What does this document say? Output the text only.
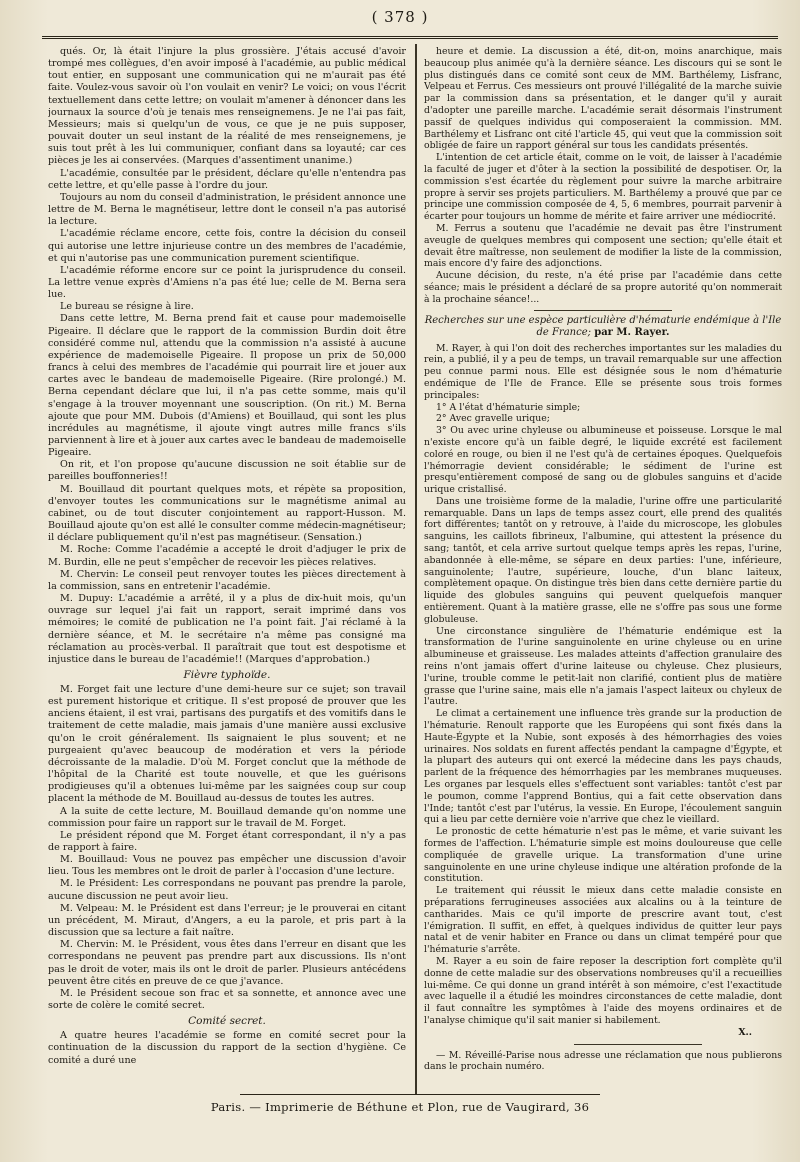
( 378 )

qués. Or, là était l'injure la plus grossière. J'étais accusé d'avoir trompé mes collègues, d'en avoir imposé à l'académie, au public médical tout entier, en supposant une communication qui ne m'aurait pas été faite. Voulez-vous savoir où l'on voulait en venir? Le voici; on vous l'écrit textuellement dans cette lettre; on voulait m'amener à dénoncer dans les journaux la source d'où je tenais mes renseignemens. Je ne l'ai pas fait, Messieurs; mais si quelqu'un de vous, ce que je ne puis supposer, pouvait douter un seul instant de la réalité de mes renseignemens, je suis tout prêt à les lui communiquer, confiant dans sa loyauté; car ces pièces je les ai conservées. (Marques d'assentiment unanime.)

L'académie, consultée par le président, déclare qu'elle n'entendra pas cette lettre, et qu'elle passe à l'ordre du jour.

Toujours au nom du conseil d'administration, le président annonce une lettre de M. Berna le magnétiseur, lettre dont le conseil n'a pas autorisé la lecture.

L'académie réclame encore, cette fois, contre la décision du conseil qui autorise une lettre injurieuse contre un des membres de l'académie, et qui n'autorise pas une communication purement scientifique.

L'académie réforme encore sur ce point la jurisprudence du conseil. La lettre venue exprès d'Amiens n'a pas été lue; celle de M. Berna sera lue.

Le bureau se résigne à lire.

Dans cette lettre, M. Berna prend fait et cause pour mademoiselle Pigeaire. Il déclare que le rapport de la commission Burdin doit être considéré comme nul, attendu que la commission n'a assisté à aucune expérience de mademoiselle Pigeaire. Il propose un prix de 50,000 francs à celui des membres de l'académie qui pourrait lire et jouer aux cartes avec le bandeau de mademoiselle Pigeaire. (Rire prolongé.) M. Berna cependant déclare que lui, il n'a pas cette somme, mais qu'il s'engage à la trouver moyennant une souscription. (On rit.) M. Berna ajoute que pour MM. Dubois (d'Amiens) et Bouillaud, qui sont les plus incrédules au magnétisme, il ajoute vingt autres mille francs s'ils parviennent à lire et à jouer aux cartes avec le bandeau de mademoiselle Pigeaire.

On rit, et l'on propose qu'aucune discussion ne soit établie sur de pareilles bouffonneries!!

M. Bouillaud dit pourtant quelques mots, et répète sa proposition, d'envoyer toutes les communications sur le magnétisme animal au cabinet, ou de tout discuter conjointement au rapport-Husson. M. Bouillaud ajoute qu'on est allé le consulter comme médecin-magnétiseur; il déclare publiquement qu'il n'est pas magnétiseur. (Sensation.)

M. Roche: Comme l'académie a accepté le droit d'adjuger le prix de M. Burdin, elle ne peut s'empêcher de recevoir les pièces relatives.

M. Chervin: Le conseil peut renvoyer toutes les pièces directement à la commission, sans en entretenir l'académie.

M. Dupuy: L'académie a arrêté, il y a plus de dix-huit mois, qu'un ouvrage sur lequel j'ai fait un rapport, serait imprimé dans vos mémoires; le comité de publication ne l'a point fait. J'ai réclamé à la dernière séance, et M. le secrétaire n'a même pas consigné ma réclamation au procès-verbal. Il paraîtrait que tout est despotisme et injustice dans le bureau de l'académie!! (Marques d'approbation.)

Fièvre typhoïde.

M. Forget fait une lecture d'une demi-heure sur ce sujet; son travail est purement historique et critique. Il s'est proposé de prouver que les anciens étaient, il est vrai, partisans des purgatifs et des vomitifs dans le traitement de cette maladie, mais jamais d'une manière aussi exclusive qu'on le croit généralement. Ils saignaient le plus souvent; et ne purgeaient qu'avec beaucoup de modération et vers la période décroissante de la maladie. D'où M. Forget conclut que la méthode de l'hôpital de la Charité est toute nouvelle, et que les guérisons prodigieuses qu'il a obtenues lui-même par les saignées coup sur coup placent la méthode de M. Bouillaud au-dessus de toutes les autres.

A la suite de cette lecture, M. Bouillaud demande qu'on nomme une commission pour faire un rapport sur le travail de M. Forget.

Le président répond que M. Forget étant correspondant, il n'y a pas de rapport à faire.

M. Bouillaud: Vous ne pouvez pas empêcher une discussion d'avoir lieu. Tous les membres ont le droit de parler à l'occasion d'une lecture.

M. le Président: Les correspondans ne pouvant pas prendre la parole, aucune discussion ne peut avoir lieu.

M. Velpeau: M. le Président est dans l'erreur; je le prouverai en citant un précédent, M. Miraut, d'Angers, a eu la parole, et pris part à la discussion que sa lecture a fait naître.

M. Chervin: M. le Président, vous êtes dans l'erreur en disant que les correspondans ne peuvent pas prendre part aux discussions. Ils n'ont pas le droit de voter, mais ils ont le droit de parler. Plusieurs antécédens peuvent être cités en preuve de ce que j'avance.

M. le Président secoue son frac et sa sonnette, et annonce avec une sorte de colère le comité secret.

Comité secret.

A quatre heures l'académie se forme en comité secret pour la continuation de la discussion du rapport de la section d'hygiène. Ce comité a duré une

heure et demie. La discussion a été, dit-on, moins anarchique, mais beaucoup plus animée qu'à la dernière séance. Les discours qui se sont le plus distingués dans ce comité sont ceux de MM. Barthélemy, Lisfranc, Velpeau et Ferrus. Ces messieurs ont prouvé l'illégalité de la marche suivie par la commission dans sa présentation, et le danger qu'il y aurait d'adopter une pareille marche. L'académie serait désormais l'instrument passif de quelques individus qui composeraient la commission. MM. Barthélemy et Lisfranc ont cité l'article 45, qui veut que la commission soit obligée de faire un rapport général sur tous les candidats présentés.

L'intention de cet article était, comme on le voit, de laisser à l'académie la faculté de juger et d'ôter à la section la possibilité de despotiser. Or, la commission s'est écartée du règlement pour suivre la marche arbitraire propre à servir ses projets particuliers. M. Barthélemy a prouvé que par ce principe une commission composée de 4, 5, 6 membres, pourrait parvenir à écarter pour toujours un homme de mérite et faire arriver une médiocrité.

M. Ferrus a soutenu que l'académie ne devait pas être l'instrument aveugle de quelques membres qui composent une section; qu'elle était et devait être maîtresse, non seulement de modifier la liste de la commission, mais encore d'y faire des adjonctions.

Aucune décision, du reste, n'a été prise par l'académie dans cette séance; mais le président a déclaré de sa propre autorité qu'on nommerait à la prochaine séance!...

Recherches sur une espèce particulière d'hématurie endémique à l'Ile de France; par M. Rayer.

M. Rayer, à qui l'on doit des recherches importantes sur les maladies du rein, a publié, il y a peu de temps, un travail remarquable sur une affection peu connue parmi nous. Elle est désignée sous le nom d'hématurie endémique de l'Ile de France. Elle se présente sous trois formes principales:

1° A l'état d'hématurie simple;

2° Avec gravelle urique;

3° Ou avec urine chyleuse ou albumineuse et poisseuse. Lorsque le mal n'existe encore qu'à un faible degré, le liquide excrété est facilement coloré en rouge, ou bien il ne l'est qu'à de certaines époques. Quelquefois l'hémorragie devient considérable; le sédiment de l'urine est presqu'entièrement composé de sang ou de globules sanguins et d'acide urique cristallisé.

Dans une troisième forme de la maladie, l'urine offre une particularité remarquable. Dans un laps de temps assez court, elle prend des qualités fort différentes; tantôt on y retrouve, à l'aide du microscope, les globules sanguins, les caillots fibrineux, l'albumine, qui attestent la présence du sang; tantôt, et cela arrive surtout quelque temps après les repas, l'urine, abandonnée à elle-même, se sépare en deux parties: l'une, inférieure, sanguinolente; l'autre, supérieure, louche, d'un blanc laiteux, complètement opaque. On distingue très bien dans cette dernière partie du liquide des globules sanguins qui peuvent quelquefois manquer entièrement. Quant à la matière grasse, elle ne s'offre pas sous une forme globuleuse.

Une circonstance singulière de l'hématurie endémique est la transformation de l'urine sanguinolente en urine chyleuse ou en urine albumineuse et graisseuse. Les malades atteints d'affection granulaire des reins n'ont jamais offert d'urine laiteuse ou chyleuse. Chez plusieurs, l'urine, trouble comme le petit-lait non clarifié, contient plus de matière grasse que l'urine saine, mais elle n'a jamais l'aspect laiteux ou chyleux de l'autre.

Le climat a certainement une influence très grande sur la production de l'hématurie. Renoult rapporte que les Européens qui sont fixés dans la Haute-Égypte et la Nubie, sont exposés à des hémorrhagies des voies urinaires. Nos soldats en furent affectés pendant la campagne d'Égypte, et la plupart des auteurs qui ont exercé la médecine dans les pays chauds, parlent de la fréquence des hémorrhagies par les membranes muqueuses. Les organes par lesquels elles s'effectuent sont variables: tantôt c'est par le poumon, comme l'apprend Bontius, qui a fait cette observation dans l'Inde; tantôt c'est par l'utérus, la vessie. En Europe, l'écoulement sanguin qui a lieu par cette dernière voie n'arrive que chez le vieillard.

Le pronostic de cette hématurie n'est pas le même, et varie suivant les formes de l'affection. L'hématurie simple est moins douloureuse que celle compliquée de gravelle urique. La transformation d'une urine sanguinolente en une urine chyleuse indique une altération profonde de la constitution.

Le traitement qui réussit le mieux dans cette maladie consiste en préparations ferrugineuses associées aux alcalins ou à la teinture de cantharides. Mais ce qu'il importe de prescrire avant tout, c'est l'émigration. Il suffit, en effet, à quelques individus de quitter leur pays natal et de venir habiter en France ou dans un climat tempéré pour que l'hématurie s'arrête.

M. Rayer a eu soin de faire reposer la description fort complète qu'il donne de cette maladie sur des observations nombreuses qu'il a recueillies lui-même. Ce qui donne un grand intérêt à son mémoire, c'est l'exactitude avec laquelle il a étudié les moindres circonstances de cette maladie, dont il faut connaître les symptômes à l'aide des moyens ordinaires et de l'analyse chimique qu'il sait manier si habilement.

X..

— M. Réveillé-Parise nous adresse une réclamation que nous publierons dans le prochain numéro.

Paris. — Imprimerie de Béthune et Plon, rue de Vaugirard, 36
